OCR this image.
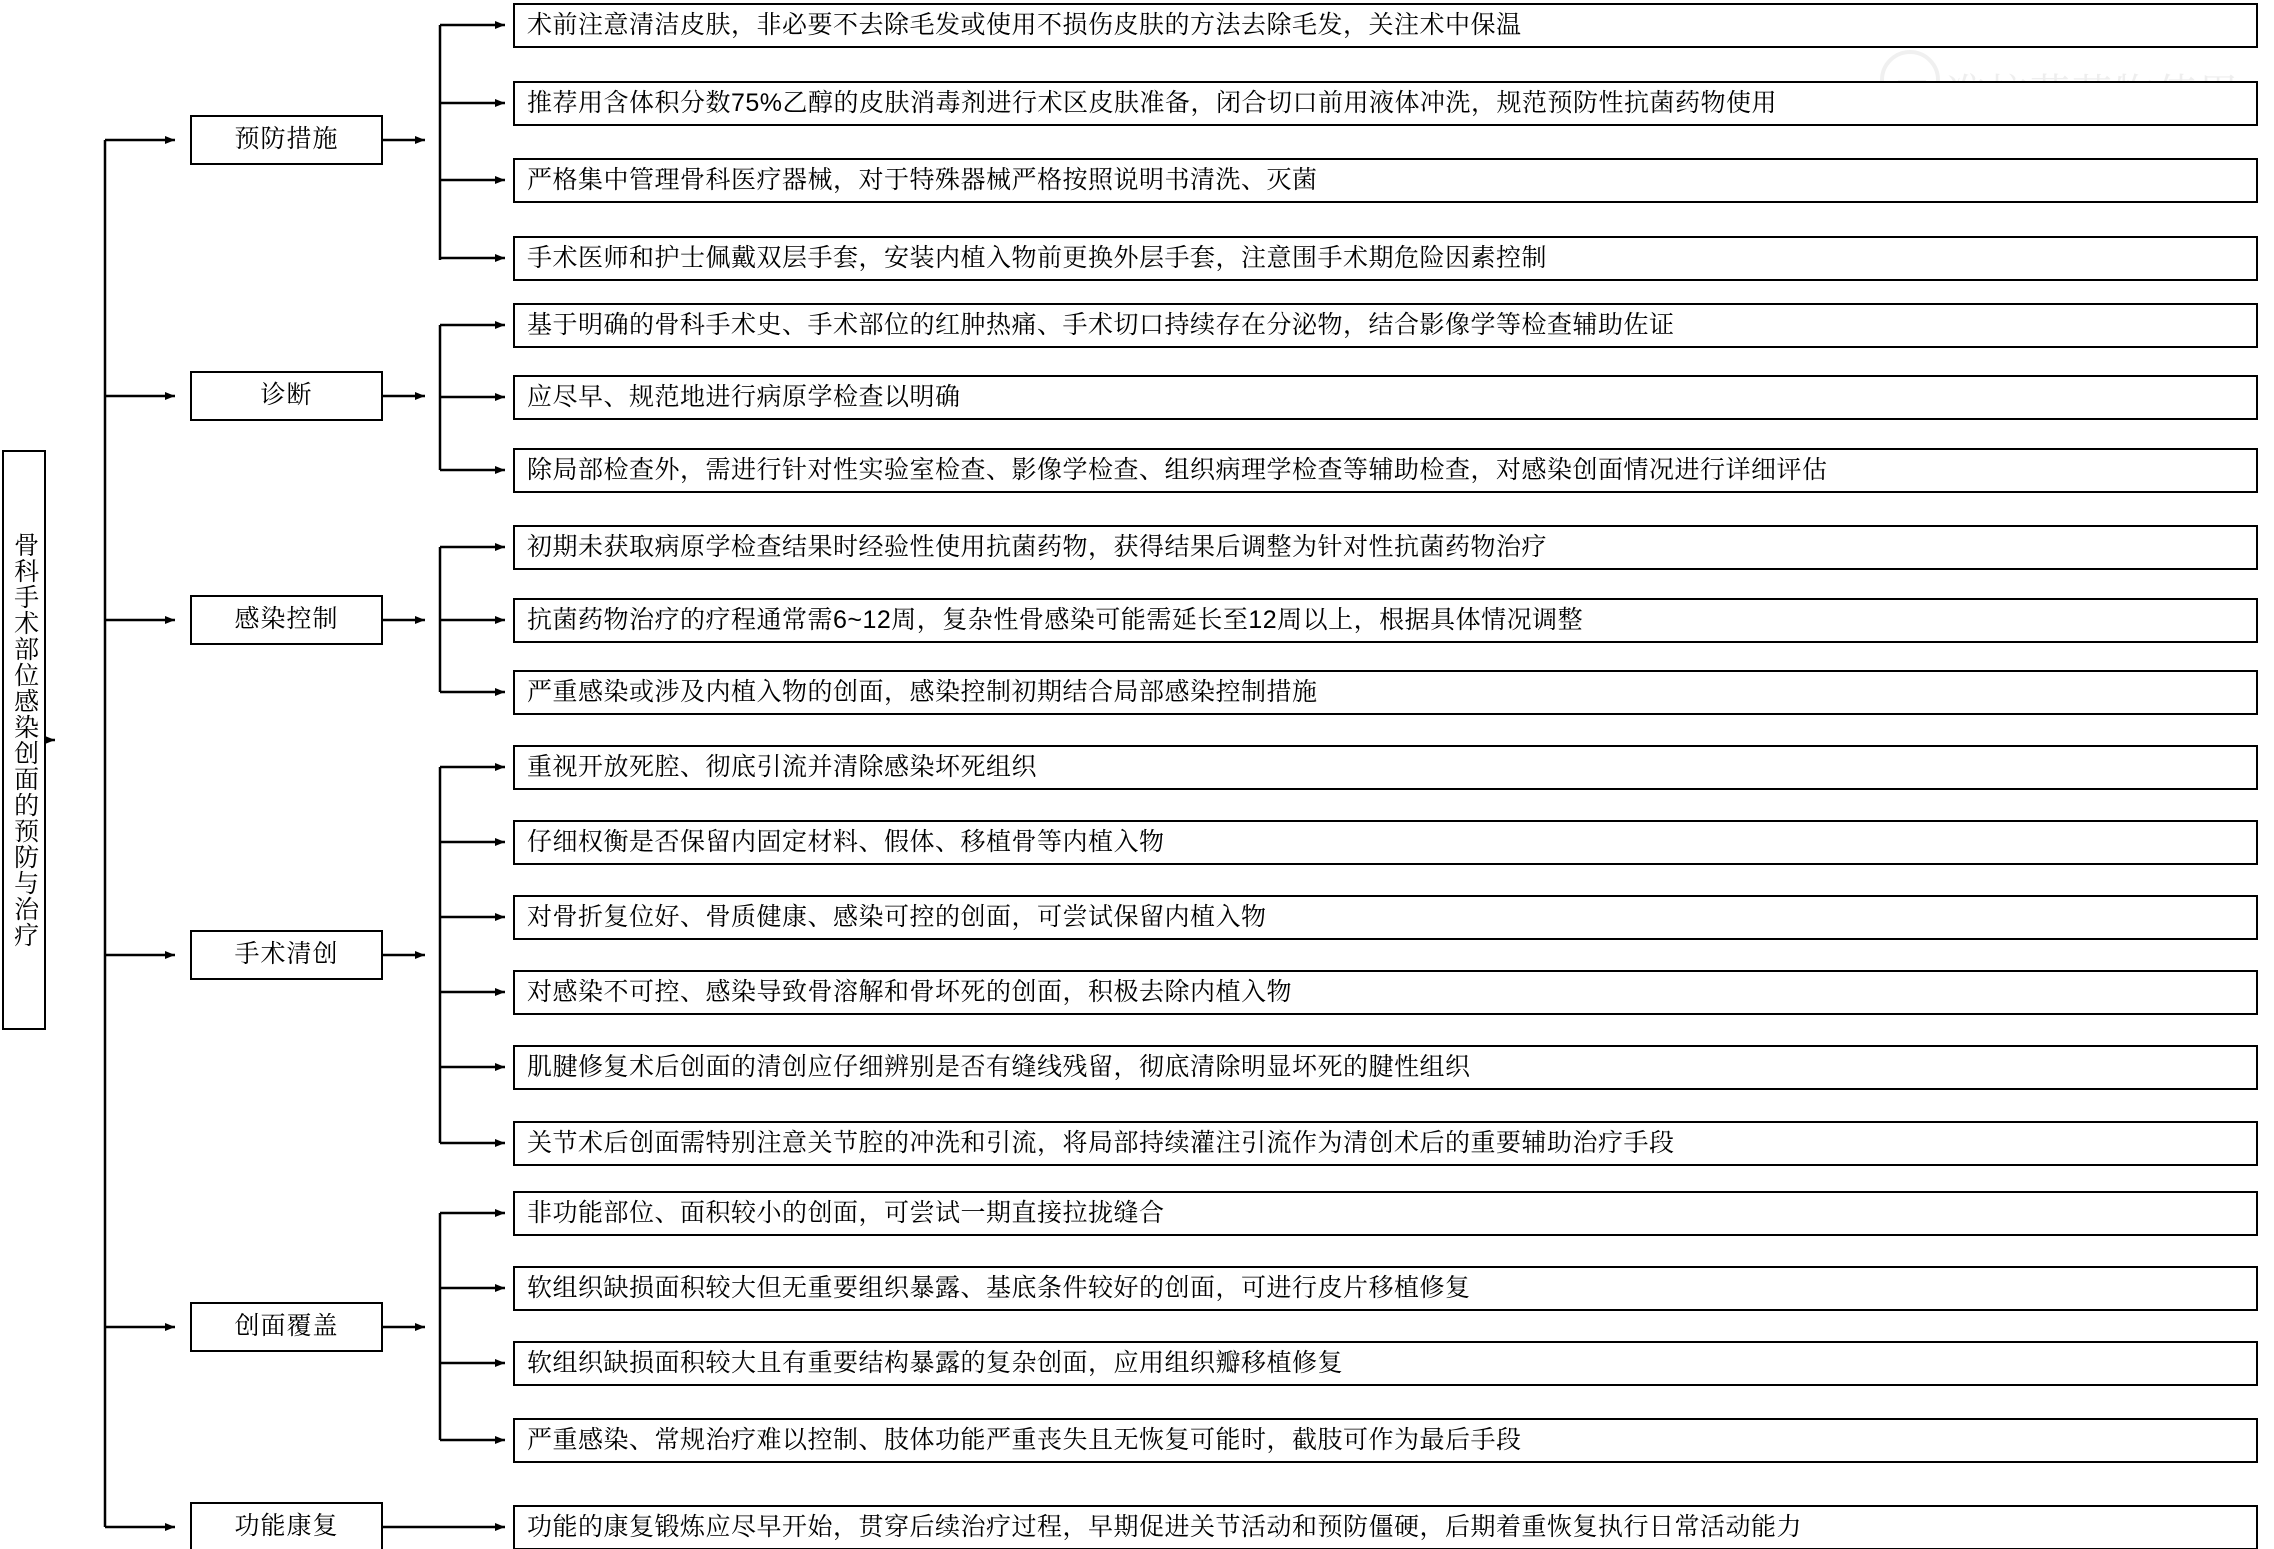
骨科手术部位感染创面的预防与治疗
预防措施
诊断
感染控制
手术清创
创面覆盖
功能康复
术前注意清洁皮肤，非必要不去除毛发或使用不损伤皮肤的方法去除毛发，关注术中保温
推荐用含体积分数75%乙醇的皮肤消毒剂进行术区皮肤准备，闭合切口前用液体冲洗，规范预防性抗菌药物使用
严格集中管理骨科医疗器械，对于特殊器械严格按照说明书清洗、灭菌
手术医师和护士佩戴双层手套，安装内植入物前更换外层手套，注意围手术期危险因素控制
基于明确的骨科手术史、手术部位的红肿热痛、手术切口持续存在分泌物，结合影像学等检查辅助佐证
应尽早、规范地进行病原学检查以明确
除局部检查外，需进行针对性实验室检查、影像学检查、组织病理学检查等辅助检查，对感染创面情况进行详细评估
初期未获取病原学检查结果时经验性使用抗菌药物，获得结果后调整为针对性抗菌药物治疗
抗菌药物治疗的疗程通常需6~12周，复杂性骨感染可能需延长至12周以上，根据具体情况调整
严重感染或涉及内植入物的创面，感染控制初期结合局部感染控制措施
重视开放死腔、彻底引流并清除感染坏死组织
仔细权衡是否保留内固定材料、假体、移植骨等内植入物
对骨折复位好、骨质健康、感染可控的创面，可尝试保留内植入物
对感染不可控、感染导致骨溶解和骨坏死的创面，积极去除内植入物
肌腱修复术后创面的清创应仔细辨别是否有缝线残留，彻底清除明显坏死的腱性组织
关节术后创面需特别注意关节腔的冲洗和引流，将局部持续灌注引流作为清创术后的重要辅助治疗手段
非功能部位、面积较小的创面，可尝试一期直接拉拢缝合
软组织缺损面积较大但无重要组织暴露、基底条件较好的创面，可进行皮片移植修复
软组织缺损面积较大且有重要结构暴露的复杂创面，应用组织瓣移植修复
严重感染、常规治疗难以控制、肢体功能严重丧失且无恢复可能时，截肢可作为最后手段
功能的康复锻炼应尽早开始，贯穿后续治疗过程，早期促进关节活动和预防僵硬，后期着重恢复执行日常活动能力
